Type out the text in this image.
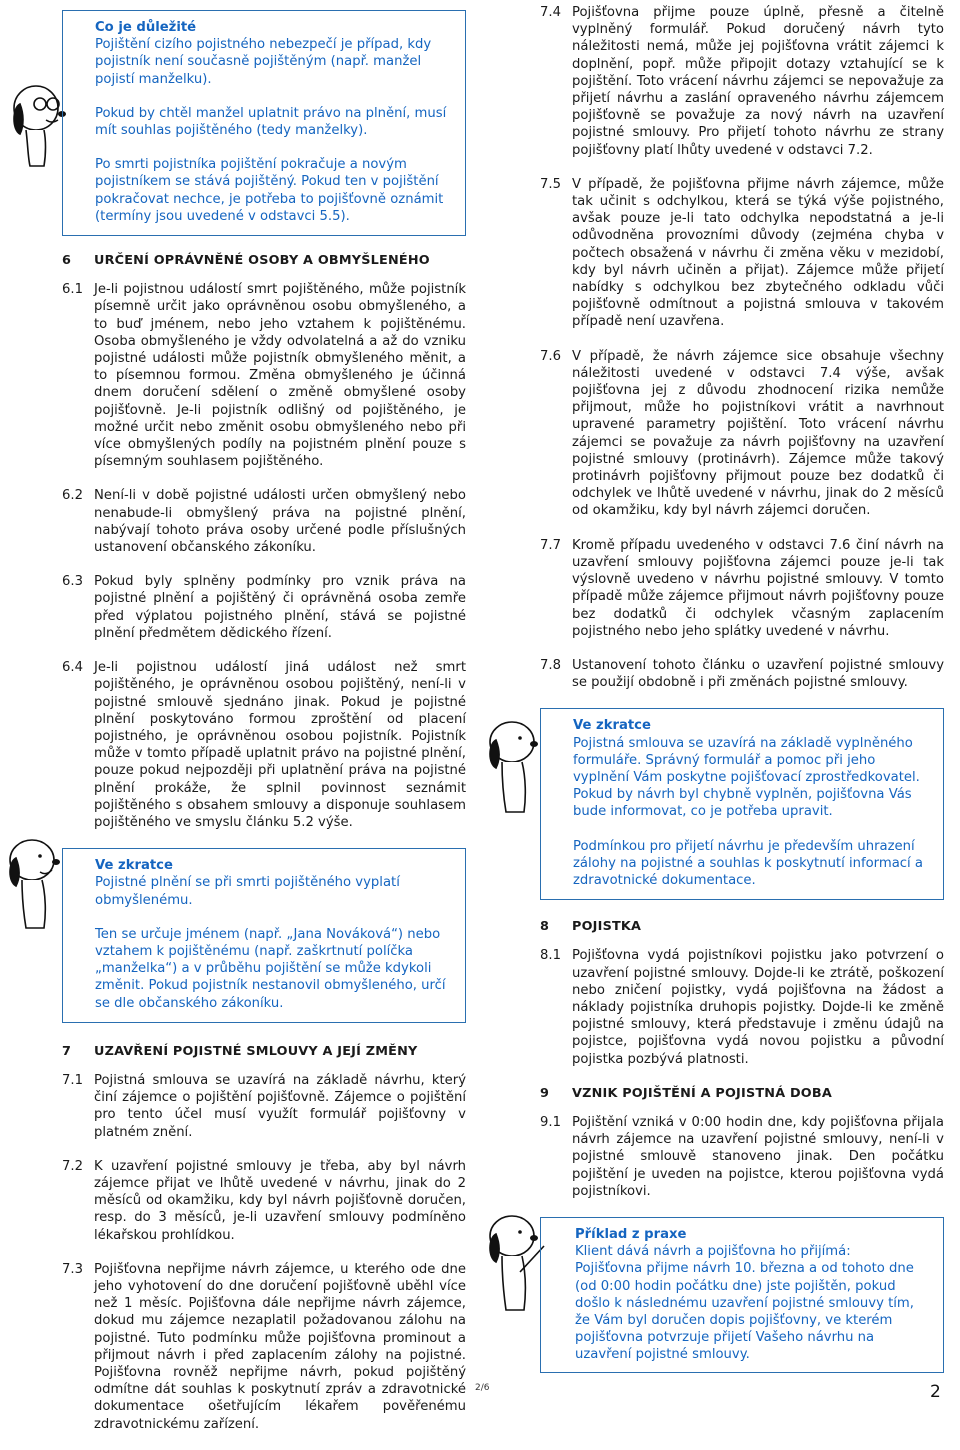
Co je důležité

Pojištění cizího pojistného nebezpečí je případ, kdy pojistník není současně pojištěným (např. manžel pojistí manželku).

Pokud by chtěl manžel uplatnit právo na plnění, musí mít souhlas pojištěného (tedy manželky).

Po smrti pojistníka pojištění pokračuje a novým pojistníkem se stává pojištěný. Pokud ten v pojištění pokračovat nechce, je potřeba to pojišťovně oznámit (termíny jsou uvedené v odstavci 5.5).

6	URČENÍ OPRÁVNĚNÉ OSOBY A OBMYŠLENÉHO
6.1 Je-li pojistnou událostí smrt pojištěného, může pojistník písemně určit jako oprávněnou osobu obmyšleného, a to buď jménem, nebo jeho vztahem k pojištěnému. Osoba obmyšleného je vždy odvolatelná a až do vzniku pojistné události může pojistník obmyšleného měnit, a to písemnou formou. Změna obmyšleného je účinná dnem doručení sdělení o změně obmyšlené osoby pojišťovně. Je-li pojistník odlišný od pojištěného, je možné určit nebo změnit osobu obmyšleného nebo při více obmyšlených podíly na pojistném plnění pouze s písemným souhlasem pojištěného.
6.2 Není-li v době pojistné události určen obmyšlený nebo nenabude-li obmyšlený práva na pojistné plnění, nabývají tohoto práva osoby určené podle příslušných ustanovení občanského zákoníku.
6.3 Pokud byly splněny podmínky pro vznik práva na pojistné plnění a pojištěný či oprávněná osoba zemře před výplatou pojistného plnění, stává se pojistné plnění předmětem dědického řízení.
6.4 Je-li pojistnou událostí jiná událost než smrt pojištěného, je oprávněnou osobou pojištěný, není-li v pojistné smlouvě sjednáno jinak. Pokud je pojistné plnění poskytováno formou zproštění od placení pojistného, je oprávněnou osobou pojistník. Pojistník může v tomto případě uplatnit právo na pojistné plnění, pouze pokud nejpozději při uplatnění práva na pojistné plnění prokáže, že splnil povinnost seznámit pojištěného s obsahem smlouvy a disponuje souhlasem pojištěného ve smyslu článku 5.2 výše.
Ve zkratce

Pojistné plnění se při smrti pojištěného vyplatí obmyšlenému.

Ten se určuje jménem (např. „Jana Nováková“) nebo vztahem k pojištěnému (např. zaškrtnutí políčka „manželka“) a v průběhu pojištění se může kdykoli změnit. Pokud pojistník nestanovil obmyšleného, určí se dle občanského zákoníku.

7	UZAVŘENÍ POJISTNÉ SMLOUVY A JEJÍ ZMĚNY
7.1 Pojistná smlouva se uzavírá na základě návrhu, který činí zájemce o pojištění pojišťovně. Zájemce o pojištění pro tento účel musí využít formulář pojišťovny v platném znění.
7.2 K uzavření pojistné smlouvy je třeba, aby byl návrh zájemce přijat ve lhůtě uvedené v návrhu, jinak do 2 měsíců od okamžiku, kdy byl návrh pojišťovně doručen, resp. do 3 měsíců, je-li uzavření smlouvy podmíněno lékařskou prohlídkou.
7.3 Pojišťovna nepřijme návrh zájemce, u kterého ode dne jeho vyhotovení do dne doručení pojišťovně uběhl více než 1 měsíc. Pojišťovna dále nepřijme návrh zájemce, dokud mu zájemce nezaplatil požadovanou zálohu na pojistné. Tuto podmínku může pojišťovna prominout a přijmout návrh i před zaplacením zálohy na pojistné. Pojišťovna rovněž nepřijme návrh, pokud pojištěný odmítne dát souhlas k poskytnutí zpráv a zdravotnické dokumentace ošetřujícím lékařem pověřenému zdravotnickému zařízení.
7.4 Pojišťovna přijme pouze úplně, přesně a čitelně vyplněný formulář. Pokud doručený návrh tyto náležitosti nemá, může jej pojišťovna vrátit zájemci k doplnění, popř. může připojit dotazy vztahující se k pojištění. Toto vrácení návrhu zájemci se nepovažuje za přijetí návrhu a zaslání opraveného návrhu zájemcem pojišťovně se považuje za nový návrh na uzavření pojistné smlouvy. Pro přijetí tohoto návrhu ze strany pojišťovny platí lhůty uvedené v odstavci 7.2.
7.5 V případě, že pojišťovna přijme návrh zájemce, může tak učinit s odchylkou, která se týká výše pojistného, avšak pouze je-li tato odchylka nepodstatná a je-li odůvodněna provozními důvody (zejména chyba v počtech obsažená v návrhu či změna věku v mezidobí, kdy byl návrh učiněn a přijat). Zájemce může přijetí nabídky s odchylkou bez zbytečného odkladu vůči pojišťovně odmítnout a pojistná smlouva v takovém případě není uzavřena.
7.6 V případě, že návrh zájemce sice obsahuje všechny náležitosti uvedené v odstavci 7.4 výše, avšak pojišťovna jej z důvodu zhodnocení rizika nemůže přijmout, může ho pojistníkovi vrátit a navrhnout upravené parametry pojištění. Toto vrácení návrhu zájemci se považuje za návrh pojišťovny na uzavření pojistné smlouvy (protinávrh). Zájemce může takový protinávrh pojišťovny přijmout pouze bez dodatků či odchylek ve lhůtě uvedené v návrhu, jinak do 2 měsíců od okamžiku, kdy byl návrh zájemci doručen.
7.7 Kromě případu uvedeného v odstavci 7.6 činí návrh na uzavření smlouvy pojišťovna zájemci pouze je-li tak výslovně uvedeno v návrhu pojistné smlouvy. V tomto případě může zájemce přijmout návrh pojišťovny pouze bez dodatků či odchylek včasným zaplacením pojistného nebo jeho splátky uvedené v návrhu.
7.8 Ustanovení tohoto článku o uzavření pojistné smlouvy se použijí obdobně i při změnách pojistné smlouvy.
Ve zkratce

Pojistná smlouva se uzavírá na základě vyplněného formuláře. Správný formulář a pomoc při jeho vyplnění Vám poskytne pojišťovací zprostředkovatel. Pokud by návrh byl chybně vyplněn, pojišťovna Vás bude informovat, co je potřeba upravit.

Podmínkou pro přijetí návrhu je především uhrazení zálohy na pojistné a souhlas k poskytnutí informací a zdravotnické dokumentace.

8	POJISTKA
8.1 Pojišťovna vydá pojistníkovi pojistku jako potvrzení o uzavření pojistné smlouvy. Dojde-li ke ztrátě, poškození nebo zničení pojistky, vydá pojišťovna na žádost a náklady pojistníka druhopis pojistky. Dojde-li ke změně pojistné smlouvy, která představuje i změnu údajů na pojistce, pojišťovna vydá novou pojistku a původní pojistka pozbývá platnosti.
9	VZNIK POJIŠTĚNÍ A POJISTNÁ DOBA
9.1 Pojištění vzniká v 0:00 hodin dne, kdy pojišťovna přijala návrh zájemce na uzavření pojistné smlouvy, není-li v pojistné smlouvě stanoveno jinak. Den počátku pojištění je uveden na pojistce, kterou pojišťovna vydá pojistníkovi.
Příklad z praxe
Klient dává návrh a pojišťovna ho přijímá:
Pojišťovna přijme návrh 10. března a od tohoto dne (od 0:00 hodin počátku dne) jste pojištěn, pokud došlo k následnému uzavření pojistné smlouvy tím, že Vám byl doručen dopis pojišťovny, ve kterém pojišťovna potvrzuje přijetí Vašeho návrhu na uzavření pojistné smlouvy.
2/6	2
